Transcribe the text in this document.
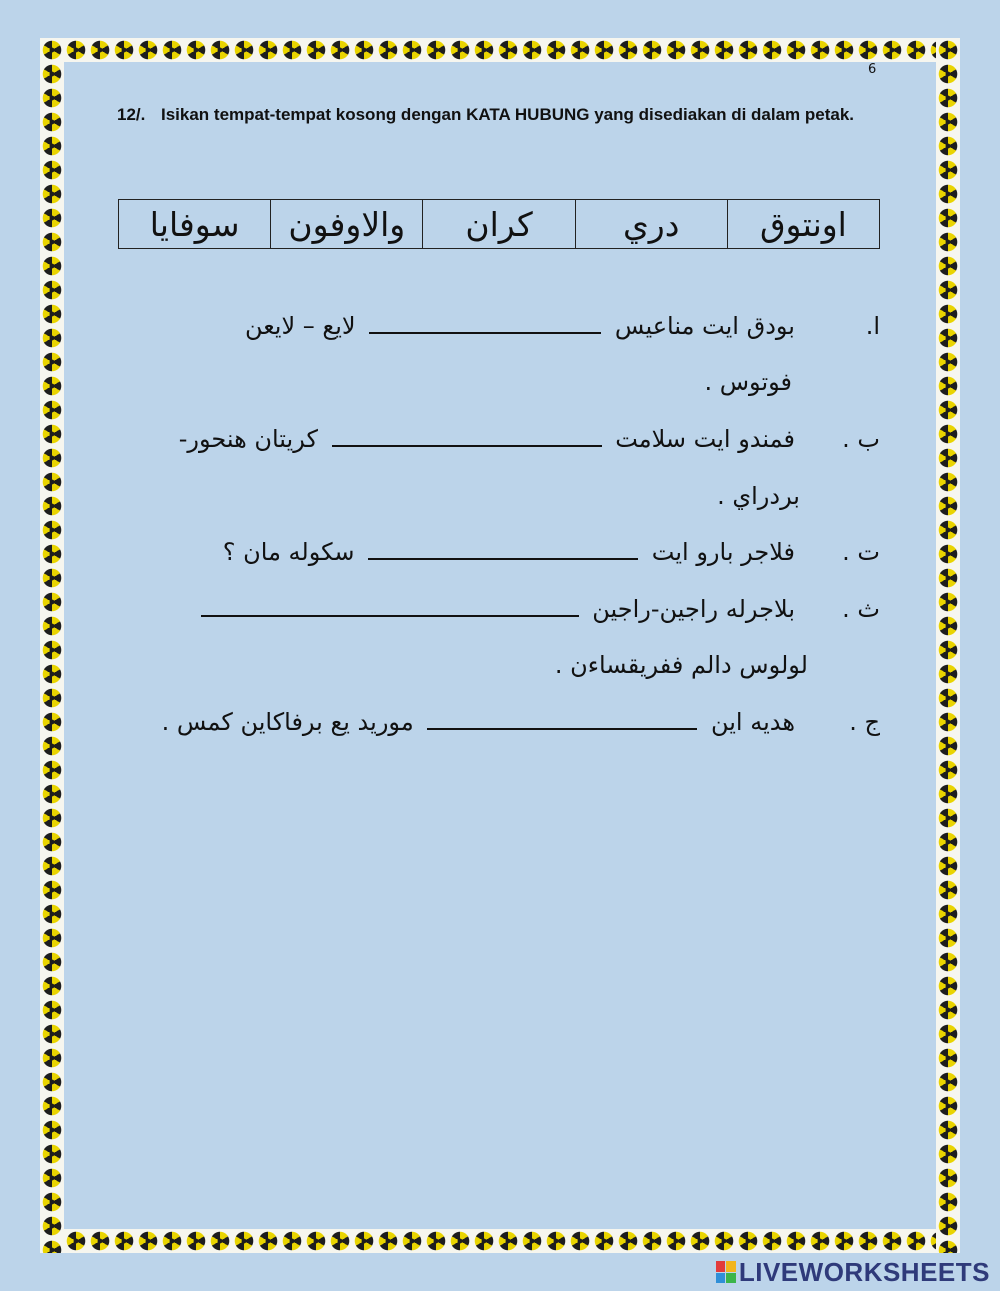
6
12/. Isikan tempat-tempat kosong dengan KATA HUBUNG yang disediakan di dalam petak.
اونتوق
دري
كران
والاوفون
سوفايا
ا.
بودق ايت مناعيس  لايع – لايعن
فوتوس .
ب .
فمندو ايت سلامت  كريتان هنحور-
بردراي .
ت .
فلاجر بارو ايت  سكوله مان ؟
ث .
بلاجرله راجين-راجين
لولوس دالم ففريقساءن .
ج .
هديه اين  موريد يع برفاكاين كمس .
LIVEWORKSHEETS
